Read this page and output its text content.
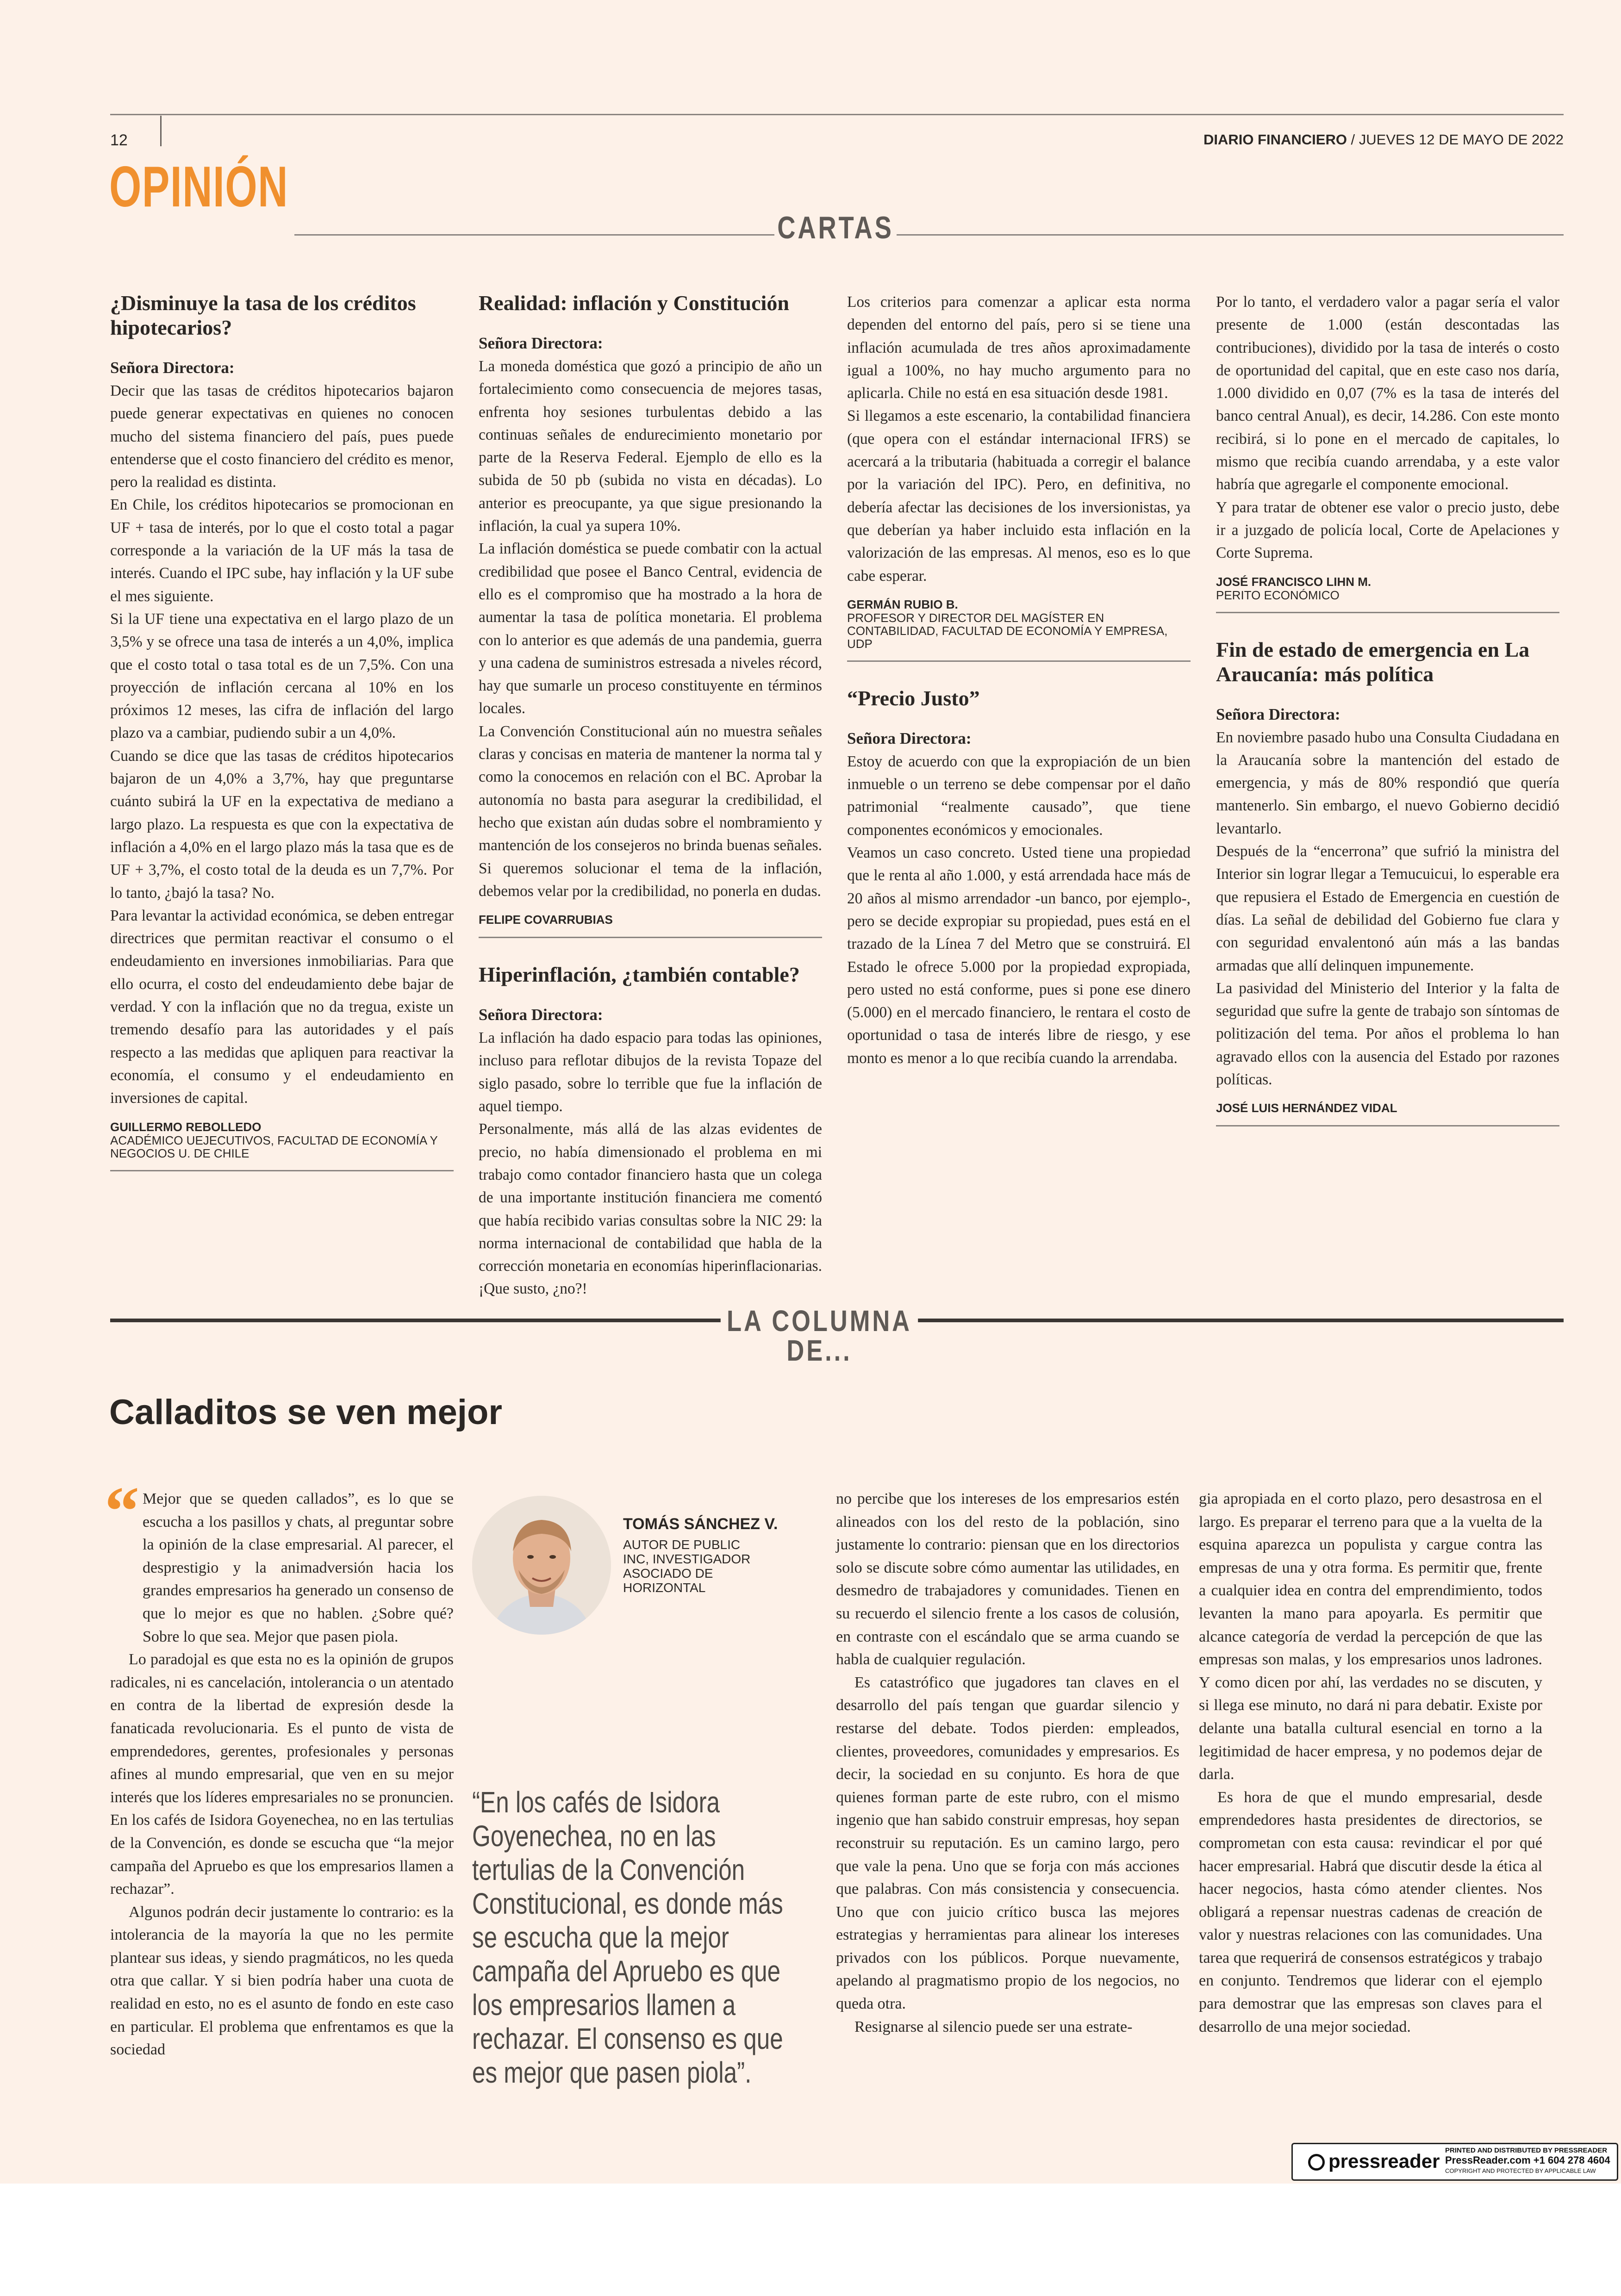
12	DIARIO FINANCIERO / JUEVES 12 DE MAYO DE 2022
OPINIÓN
CARTAS
¿Disminuye la tasa de los créditos hipotecarios?
Señora Directora:

Decir que las tasas de créditos hipotecarios bajaron puede generar expectativas en quienes no conocen mucho del sistema financiero del país, pues puede entenderse que el costo financiero del crédito es menor, pero la realidad es distinta.

En Chile, los créditos hipotecarios se promocionan en UF + tasa de interés, por lo que el costo total a pagar corresponde a la variación de la UF más la tasa de interés. Cuando el IPC sube, hay inflación y la UF sube el mes siguiente.

Si la UF tiene una expectativa en el largo plazo de un 3,5% y se ofrece una tasa de interés a un 4,0%, implica que el costo total o tasa total es de un 7,5%. Con una proyección de inflación cercana al 10% en los próximos 12 meses, las cifra de inflación del largo plazo va a cambiar, pudiendo subir a un 4,0%.

Cuando se dice que las tasas de créditos hipotecarios bajaron de un 4,0% a 3,7%, hay que preguntarse cuánto subirá la UF en la expectativa de mediano a largo plazo. La respuesta es que con la expectativa de inflación a 4,0% en el largo plazo más la tasa que es de UF + 3,7%, el costo total de la deuda es un 7,7%. Por lo tanto, ¿bajó la tasa? No.

Para levantar la actividad económica, se deben entregar directrices que permitan reactivar el consumo o el endeudamiento en inversiones inmobiliarias. Para que ello ocurra, el costo del endeudamiento debe bajar de verdad. Y con la inflación que no da tregua, existe un tremendo desafío para las autoridades y el país respecto a las medidas que apliquen para reactivar la economía, el consumo y el endeudamiento en inversiones de capital.

GUILLERMO REBOLLEDO
ACADÉMICO UEJECUTIVOS, FACULTAD DE ECONOMÍA Y NEGOCIOS U. DE CHILE
Realidad: inflación y Constitución
Señora Directora:

La moneda doméstica que gozó a principio de año un fortalecimiento como consecuencia de mejores tasas, enfrenta hoy sesiones turbulentas debido a las continuas señales de endurecimiento monetario por parte de la Reserva Federal. Ejemplo de ello es la subida de 50 pb (subida no vista en décadas). Lo anterior es preocupante, ya que sigue presionando la inflación, la cual ya supera 10%.

La inflación doméstica se puede combatir con la actual credibilidad que posee el Banco Central, evidencia de ello es el compromiso que ha mostrado a la hora de aumentar la tasa de política monetaria. El problema con lo anterior es que además de una pandemia, guerra y una cadena de suministros estresada a niveles récord, hay que sumarle un proceso constituyente en términos locales.

La Convención Constitucional aún no muestra señales claras y concisas en materia de mantener la norma tal y como la conocemos en relación con el BC. Aprobar la autonomía no basta para asegurar la credibilidad, el hecho que existan aún dudas sobre el nombramiento y mantención de los consejeros no brinda buenas señales. Si queremos solucionar el tema de la inflación, debemos velar por la credibilidad, no ponerla en dudas.

FELIPE COVARRUBIAS
Hiperinflación, ¿también contable?
Señora Directora:

La inflación ha dado espacio para todas las opiniones, incluso para reflotar dibujos de la revista Topaze del siglo pasado, sobre lo terrible que fue la inflación de aquel tiempo.

Personalmente, más allá de las alzas evidentes de precio, no había dimensionado el problema en mi trabajo como contador financiero hasta que un colega de una importante institución financiera me comentó que había recibido varias consultas sobre la NIC 29: la norma internacional de contabilidad que habla de la corrección monetaria en economías hiperinflacionarias. ¡Que susto, ¿no?!

Los criterios para comenzar a aplicar esta norma dependen del entorno del país, pero si se tiene una inflación acumulada de tres años aproximadamente igual a 100%, no hay mucho argumento para no aplicarla. Chile no está en esa situación desde 1981.

Si llegamos a este escenario, la contabilidad financiera (que opera con el estándar internacional IFRS) se acercará a la tributaria (habituada a corregir el balance por la variación del IPC). Pero, en definitiva, no debería afectar las decisiones de los inversionistas, ya que deberían ya haber incluido esta inflación en la valorización de las empresas. Al menos, eso es lo que cabe esperar.

GERMÁN RUBIO B.
PROFESOR Y DIRECTOR DEL MAGÍSTER EN CONTABILIDAD, FACULTAD DE ECONOMÍA Y EMPRESA, UDP
“Precio Justo”
Señora Directora:

Estoy de acuerdo con que la expropiación de un bien inmueble o un terreno se debe compensar por el daño patrimonial “realmente causado”, que tiene componentes económicos y emocionales.

Veamos un caso concreto. Usted tiene una propiedad que le renta al año 1.000, y está arrendada hace más de 20 años al mismo arrendador -un banco, por ejemplo-, pero se decide expropiar su propiedad, pues está en el trazado de la Línea 7 del Metro que se construirá. El Estado le ofrece 5.000 por la propiedad expropiada, pero usted no está conforme, pues si pone ese dinero (5.000) en el mercado financiero, le rentara el costo de oportunidad o tasa de interés libre de riesgo, y ese monto es menor a lo que recibía cuando la arrendaba.

Por lo tanto, el verdadero valor a pagar sería el valor presente de 1.000 (están descontadas las contribuciones), dividido por la tasa de interés o costo de oportunidad del capital, que en este caso nos daría, 1.000 dividido en 0,07 (7% es la tasa de interés del banco central Anual), es decir, 14.286. Con este monto recibirá, si lo pone en el mercado de capitales, lo mismo que recibía cuando arrendaba, y a este valor habría que agregarle el componente emocional.

Y para tratar de obtener ese valor o precio justo, debe ir a juzgado de policía local, Corte de Apelaciones y Corte Suprema.

JOSÉ FRANCISCO LIHN M.
PERITO ECONÓMICO
Fin de estado de emergencia en La Araucanía: más política
Señora Directora:

En noviembre pasado hubo una Consulta Ciudadana en la Araucanía sobre la mantención del estado de emergencia, y más de 80% respondió que quería mantenerlo. Sin embargo, el nuevo Gobierno decidió levantarlo.

Después de la “encerrona” que sufrió la ministra del Interior sin lograr llegar a Temucuicui, lo esperable era que repusiera el Estado de Emergencia en cuestión de días. La señal de debilidad del Gobierno fue clara y con seguridad envalentonó aún más a las bandas armadas que allí delinquen impunemente.

La pasividad del Ministerio del Interior y la falta de seguridad que sufre la gente de trabajo son síntomas de politización del tema. Por años el problema lo han agravado ellos con la ausencia del Estado por razones políticas.

JOSÉ LUIS HERNÁNDEZ VIDAL
LA COLUMNA DE...
Calladitos se ven mejor
“ Mejor que se queden callados”, es lo que se escucha a los pasillos y chats, al preguntar sobre la opinión de la clase empresarial. Al parecer, el desprestigio y la animadversión hacia los grandes empresarios ha generado un consenso de que lo mejor es que no hablen. ¿Sobre qué? Sobre lo que sea. Mejor que pasen piola.

Lo paradojal es que esta no es la opinión de grupos radicales, ni es cancelación, intolerancia o un atentado en contra de la libertad de expresión desde la fanaticada revolucionaria. Es el punto de vista de emprendedores, gerentes, profesionales y personas afines al mundo empresarial, que ven en su mejor interés que los líderes empresariales no se pronuncien. En los cafés de Isidora Goyenechea, no en las tertulias de la Convención, es donde se escucha que “la mejor campaña del Apruebo es que los empresarios llamen a rechazar”.

Algunos podrán decir justamente lo contrario: es la intolerancia de la mayoría la que no les permite plantear sus ideas, y siendo pragmáticos, no les queda otra que callar. Y si bien podría haber una cuota de realidad en esto, no es el asunto de fondo en este caso en particular. El problema que enfrentamos es que la sociedad

TOMÁS SÁNCHEZ V.
AUTOR DE PUBLIC INC, INVESTIGADOR ASOCIADO DE HORIZONTAL
“En los cafés de Isidora Goyenechea, no en las tertulias de la Convención Constitucional, es donde más se escucha que la mejor campaña del Apruebo es que los empresarios llamen a rechazar. El consenso es que es mejor que pasen piola”.

no percibe que los intereses de los empresarios estén alineados con los del resto de la población, sino justamente lo contrario: piensan que en los directorios solo se discute sobre cómo aumentar las utilidades, en desmedro de trabajadores y comunidades. Tienen en su recuerdo el silencio frente a los casos de colusión, en contraste con el escándalo que se arma cuando se habla de cualquier regulación.

Es catastrófico que jugadores tan claves en el desarrollo del país tengan que guardar silencio y restarse del debate. Todos pierden: empleados, clientes, proveedores, comunidades y empresarios. Es decir, la sociedad en su conjunto. Es hora de que quienes forman parte de este rubro, con el mismo ingenio que han sabido construir empresas, hoy sepan reconstruir su reputación. Es un camino largo, pero que vale la pena. Uno que se forja con más acciones que palabras. Con más consistencia y consecuencia. Uno que con juicio crítico busca las mejores estrategias y herramientas para alinear los intereses privados con los públicos. Porque nuevamente, apelando al pragmatismo propio de los negocios, no queda otra.

Resignarse al silencio puede ser una estrate-

gia apropiada en el corto plazo, pero desastrosa en el largo. Es preparar el terreno para que a la vuelta de la esquina aparezca un populista y cargue contra las empresas de una y otra forma. Es permitir que, frente a cualquier idea en contra del emprendimiento, todos levanten la mano para apoyarla. Es permitir que alcance categoría de verdad la percepción de que las empresas son malas, y los empresarios unos ladrones. Y como dicen por ahí, las verdades no se discuten, y si llega ese minuto, no dará ni para debatir. Existe por delante una batalla cultural esencial en torno a la legitimidad de hacer empresa, y no podemos dejar de darla.

Es hora de que el mundo empresarial, desde emprendedores hasta presidentes de directorios, se comprometan con esta causa: revindicar el por qué hacer empresarial. Habrá que discutir desde la ética al hacer negocios, hasta cómo atender clientes. Nos obligará a repensar nuestras cadenas de creación de valor y nuestras relaciones con las comunidades. Una tarea que requerirá de consensos estratégicos y trabajo en conjunto. Tendremos que liderar con el ejemplo para demostrar que las empresas son claves para el desarrollo de una mejor sociedad.

pressreader PRINTED AND DISTRIBUTED BY PRESSREADER
PressReader.com +1 604 278 4604
COPYRIGHT AND PROTECTED BY APPLICABLE LAW
